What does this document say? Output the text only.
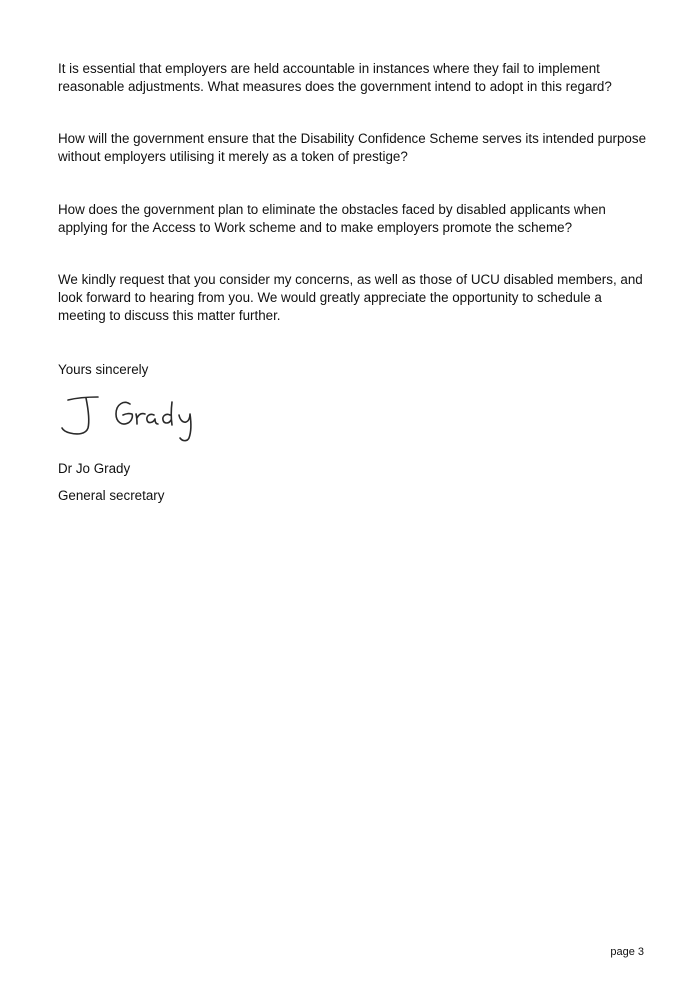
It is essential that employers are held accountable in instances where they fail to implement
reasonable adjustments. What measures does the government intend to adopt in this regard?

How will the government ensure that the Disability Confidence Scheme serves its intended purpose
without employers utilising it merely as a token of prestige?

How does the government plan to eliminate the obstacles faced by disabled applicants when
applying for the Access to Work scheme and to make employers promote the scheme?

We kindly request that you consider my concerns, as well as those of UCU disabled members, and
look forward to hearing from you. We would greatly appreciate the opportunity to schedule a
meeting to discuss this matter further.

Yours sincerely

Dr Jo Grady

General secretary

page 3
